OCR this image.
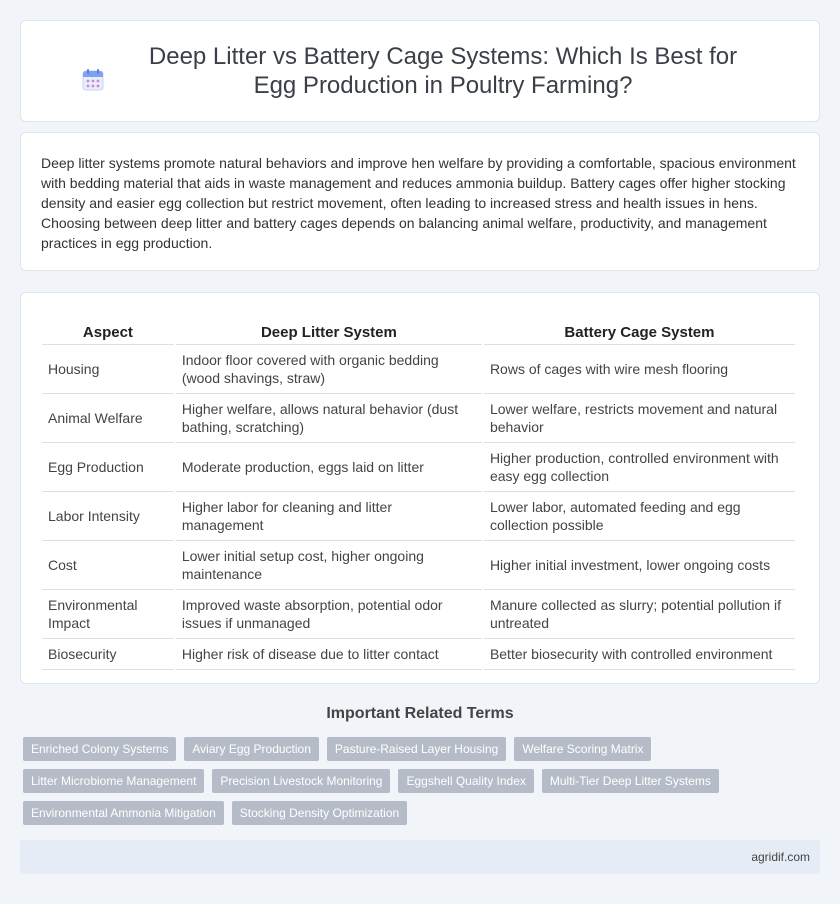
Deep Litter vs Battery Cage Systems: Which Is Best for Egg Production in Poultry Farming?

Deep litter systems promote natural behaviors and improve hen welfare by providing a comfortable, spacious environment with bedding material that aids in waste management and reduces ammonia buildup. Battery cages offer higher stocking density and easier egg collection but restrict movement, often leading to increased stress and health issues in hens. Choosing between deep litter and battery cages depends on balancing animal welfare, productivity, and management practices in egg production.

Aspect	Deep Litter System	Battery Cage System
Housing	Indoor floor covered with organic bedding (wood shavings, straw)	Rows of cages with wire mesh flooring
Animal Welfare	Higher welfare, allows natural behavior (dust bathing, scratching)	Lower welfare, restricts movement and natural behavior
Egg Production	Moderate production, eggs laid on litter	Higher production, controlled environment with easy egg collection
Labor Intensity	Higher labor for cleaning and litter management	Lower labor, automated feeding and egg collection possible
Cost	Lower initial setup cost, higher ongoing maintenance	Higher initial investment, lower ongoing costs
Environmental Impact	Improved waste absorption, potential odor issues if unmanaged	Manure collected as slurry; potential pollution if untreated
Biosecurity	Higher risk of disease due to litter contact	Better biosecurity with controlled environment
Important Related Terms
Enriched Colony Systems	Aviary Egg Production	Pasture-Raised Layer Housing	Welfare Scoring Matrix
Litter Microbiome Management	Precision Livestock Monitoring	Eggshell Quality Index	Multi-Tier Deep Litter Systems
Environmental Ammonia Mitigation	Stocking Density Optimization
agridif.com
